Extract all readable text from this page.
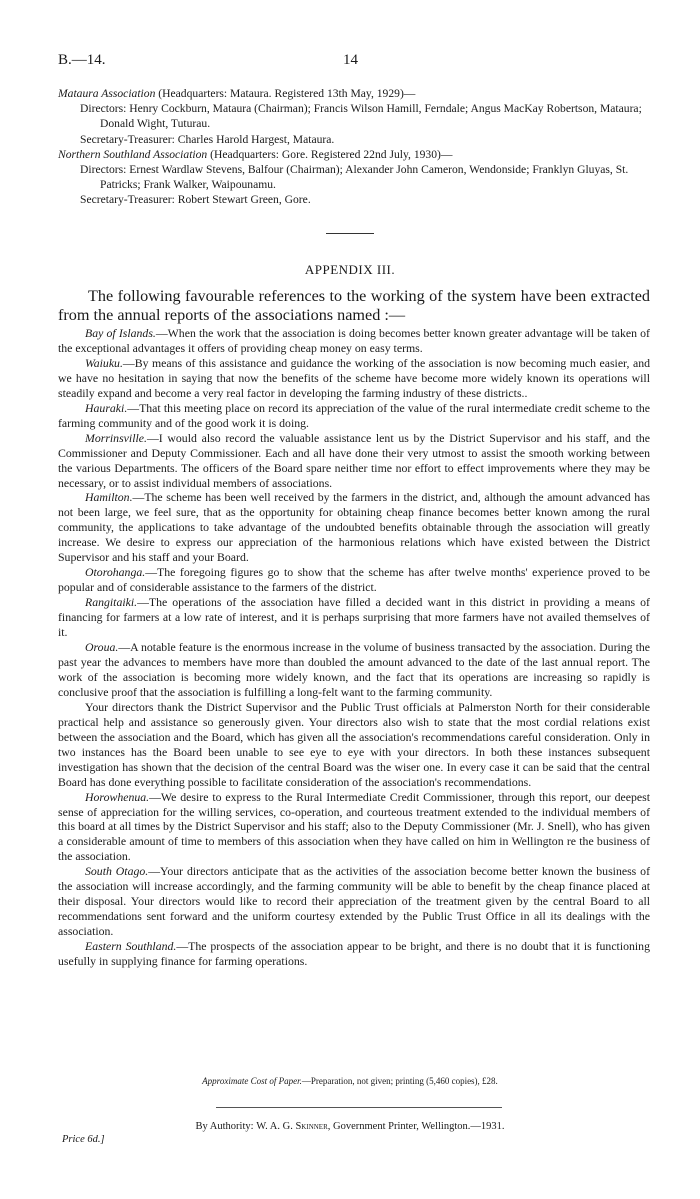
B.—14.	14

Mataura Association (Headquarters: Mataura. Registered 13th May, 1929)—

Directors: Henry Cockburn, Mataura (Chairman); Francis Wilson Hamill, Ferndale; Angus MacKay Robertson, Mataura; Donald Wight, Tuturau.

Secretary-Treasurer: Charles Harold Hargest, Mataura.

Northern Southland Association (Headquarters: Gore. Registered 22nd July, 1930)—

Directors: Ernest Wardlaw Stevens, Balfour (Chairman); Alexander John Cameron, Wendonside; Franklyn Gluyas, St. Patricks; Frank Walker, Waipounamu.

Secretary-Treasurer: Robert Stewart Green, Gore.

APPENDIX III.

The following favourable references to the working of the system have been extracted from the annual reports of the associations named :—

Bay of Islands.—When the work that the association is doing becomes better known greater advantage will be taken of the exceptional advantages it offers of providing cheap money on easy terms.

Waiuku.—By means of this assistance and guidance the working of the association is now becoming much easier, and we have no hesitation in saying that now the benefits of the scheme have become more widely known its operations will steadily expand and become a very real factor in developing the farming industry of these districts..

Hauraki.—That this meeting place on record its appreciation of the value of the rural intermediate credit scheme to the farming community and of the good work it is doing.

Morrinsville.—I would also record the valuable assistance lent us by the District Supervisor and his staff, and the Commissioner and Deputy Commissioner. Each and all have done their very utmost to assist the smooth working between the various Departments. The officers of the Board spare neither time nor effort to effect improvements where they may be necessary, or to assist individual members of associations.

Hamilton.—The scheme has been well received by the farmers in the district, and, although the amount advanced has not been large, we feel sure, that as the opportunity for obtaining cheap finance becomes better known among the rural community, the applications to take advantage of the undoubted benefits obtainable through the association will greatly increase. We desire to express our appreciation of the harmonious relations which have existed between the District Supervisor and his staff and your Board.

Otorohanga.—The foregoing figures go to show that the scheme has after twelve months' experience proved to be popular and of considerable assistance to the farmers of the district.

Rangitaiki.—The operations of the association have filled a decided want in this district in providing a means of financing for farmers at a low rate of interest, and it is perhaps surprising that more farmers have not availed themselves of it.

Oroua.—A notable feature is the enormous increase in the volume of business transacted by the association. During the past year the advances to members have more than doubled the amount advanced to the date of the last annual report. The work of the association is becoming more widely known, and the fact that its operations are increasing so rapidly is conclusive proof that the association is fulfilling a long-felt want to the farming community.

Your directors thank the District Supervisor and the Public Trust officials at Palmerston North for their considerable practical help and assistance so generously given. Your directors also wish to state that the most cordial relations exist between the association and the Board, which has given all the association's recommendations careful consideration. Only in two instances has the Board been unable to see eye to eye with your directors. In both these instances subsequent investigation has shown that the decision of the central Board was the wiser one. In every case it can be said that the central Board has done everything possible to facilitate consideration of the association's recommendations.

Horowhenua.—We desire to express to the Rural Intermediate Credit Commissioner, through this report, our deepest sense of appreciation for the willing services, co-operation, and courteous treatment extended to the individual members of this board at all times by the District Supervisor and his staff; also to the Deputy Commissioner (Mr. J. Snell), who has given a considerable amount of time to members of this association when they have called on him in Wellington re the business of the association.

South Otago.—Your directors anticipate that as the activities of the association become better known the business of the association will increase accordingly, and the farming community will be able to benefit by the cheap finance placed at their disposal. Your directors would like to record their appreciation of the treatment given by the central Board to all recommendations sent forward and the uniform courtesy extended by the Public Trust Office in all its dealings with the association.

Eastern Southland.—The prospects of the association appear to be bright, and there is no doubt that it is functioning usefully in supplying finance for farming operations.

Approximate Cost of Paper.—Preparation, not given; printing (5,460 copies), £28.
By Authority: W. A. G. Skinner, Government Printer, Wellington.—1931.
Price 6d.]
